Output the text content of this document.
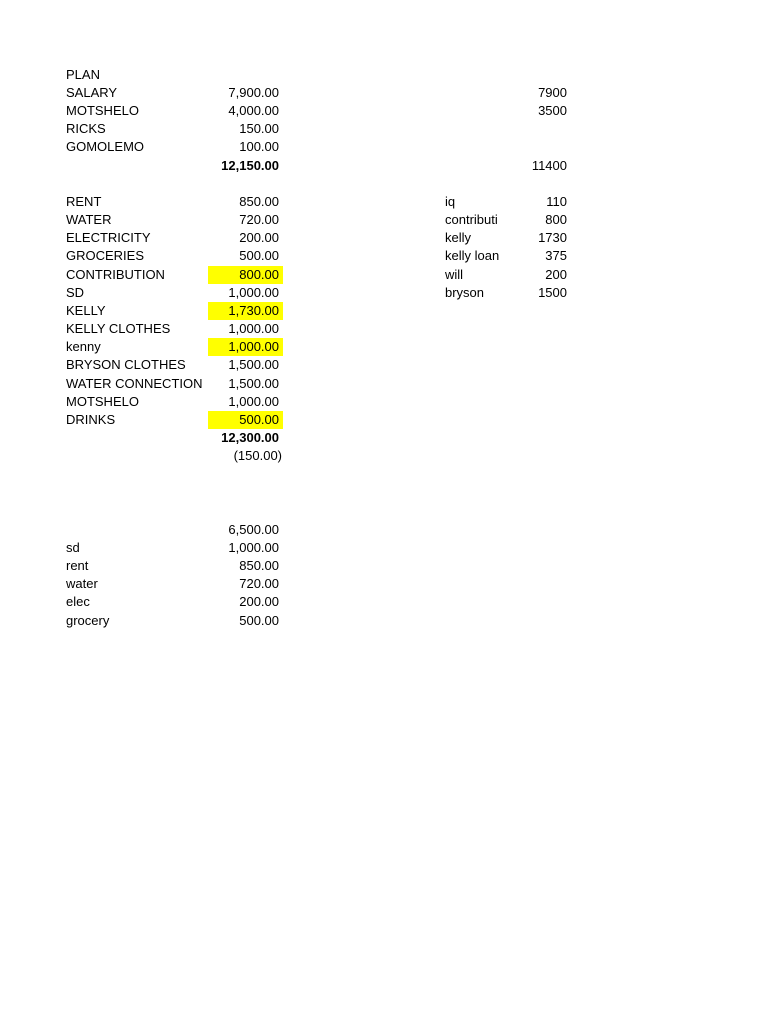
PLAN
SALARY	7,900.00	7900
MOTSHELO	4,000.00	3500
RICKS	150.00
GOMOLEMO	100.00
12,150.00	11400
RENT	850.00
WATER	720.00
ELECTRICITY	200.00
GROCERIES	500.00
CONTRIBUTION	800.00
SD	1,000.00
KELLY	1,730.00
KELLY CLOTHES	1,000.00
kenny	1,000.00
BRYSON CLOTHES	1,500.00
WATER CONNECTION	1,500.00
MOTSHELO	1,000.00
DRINKS	500.00
12,300.00
(150.00)
iq	110
contributi	800
kelly	1730
kelly loan	375
will	200
bryson	1500
6,500.00
sd	1,000.00
rent	850.00
water	720.00
elec	200.00
grocery	500.00
